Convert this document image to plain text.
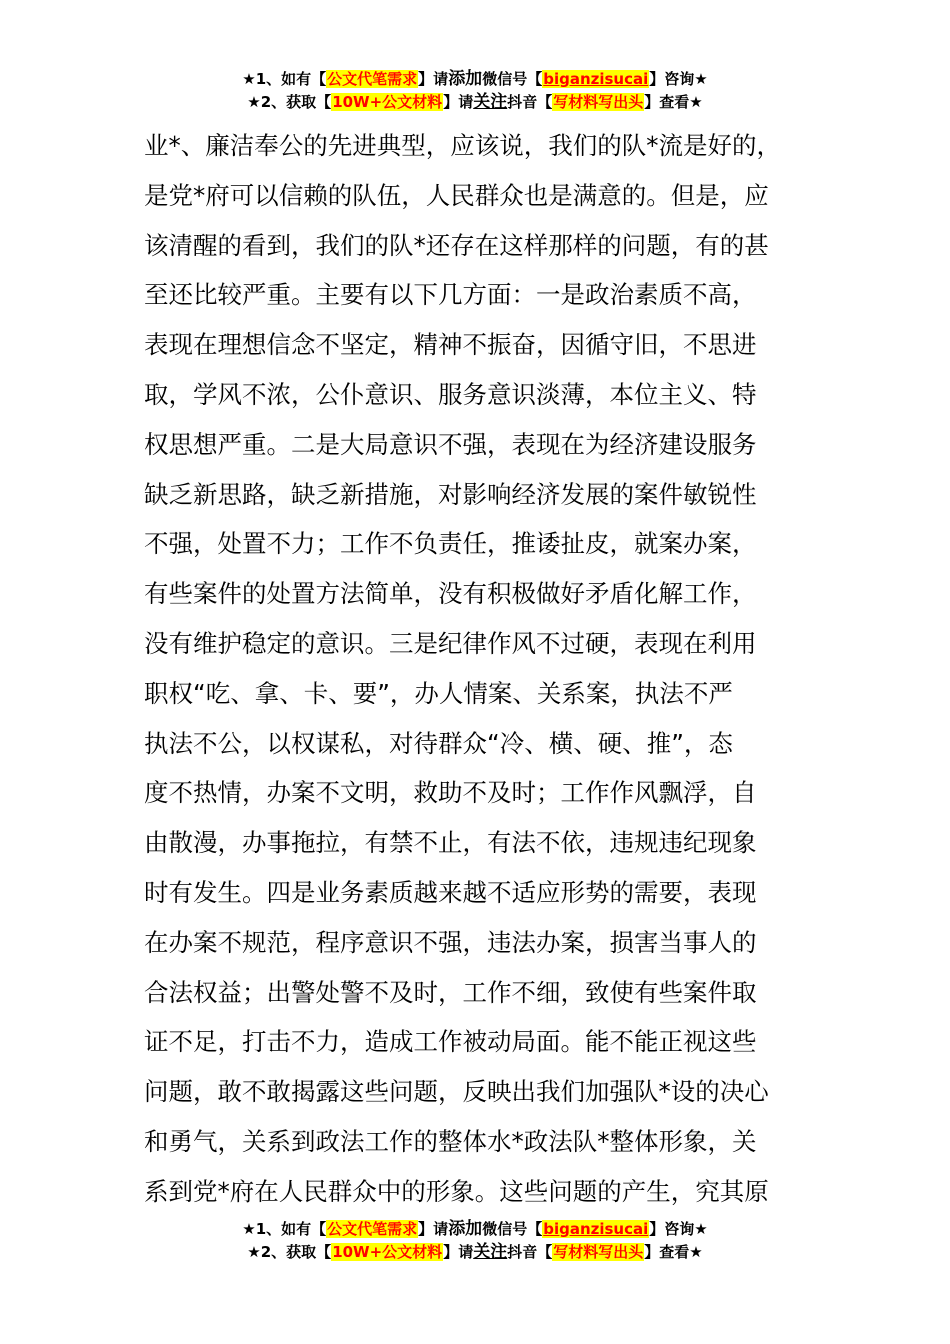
★1、如有【公文代笔需求】请添加微信号【biganzisucai】咨询★
★2、获取【10W+公文材料】请关注抖音【写材料写出头】查看★
业*、廉洁奉公的先进典型，应该说，我们的队*流是好的，
是党*府可以信赖的队伍，人民群众也是满意的。但是，应
该清醒的看到，我们的队*还存在这样那样的问题，有的甚
至还比较严重。主要有以下几方面：一是政治素质不高，
表现在理想信念不坚定，精神不振奋，因循守旧，不思进
取，学风不浓，公仆意识、服务意识淡薄，本位主义、特
权思想严重。二是大局意识不强，表现在为经济建设服务
缺乏新思路，缺乏新措施，对影响经济发展的案件敏锐性
不强，处置不力；工作不负责任，推诿扯皮，就案办案，
有些案件的处置方法简单，没有积极做好矛盾化解工作，
没有维护稳定的意识。三是纪律作风不过硬，表现在利用
职权“吃、拿、卡、要”，办人情案、关系案，执法不严
执法不公，以权谋私，对待群众“冷、横、硬、推”，态
度不热情，办案不文明，救助不及时；工作作风飘浮，自
由散漫，办事拖拉，有禁不止，有法不依，违规违纪现象
时有发生。四是业务素质越来越不适应形势的需要，表现
在办案不规范，程序意识不强，违法办案，损害当事人的
合法权益；出警处警不及时，工作不细，致使有些案件取
证不足，打击不力，造成工作被动局面。能不能正视这些
问题，敢不敢揭露这些问题，反映出我们加强队*设的决心
和勇气，关系到政法工作的整体水*政法队*整体形象，关
系到党*府在人民群众中的形象。这些问题的产生，究其原
★1、如有【公文代笔需求】请添加微信号【biganzisucai】咨询★
★2、获取【10W+公文材料】请关注抖音【写材料写出头】查看★
